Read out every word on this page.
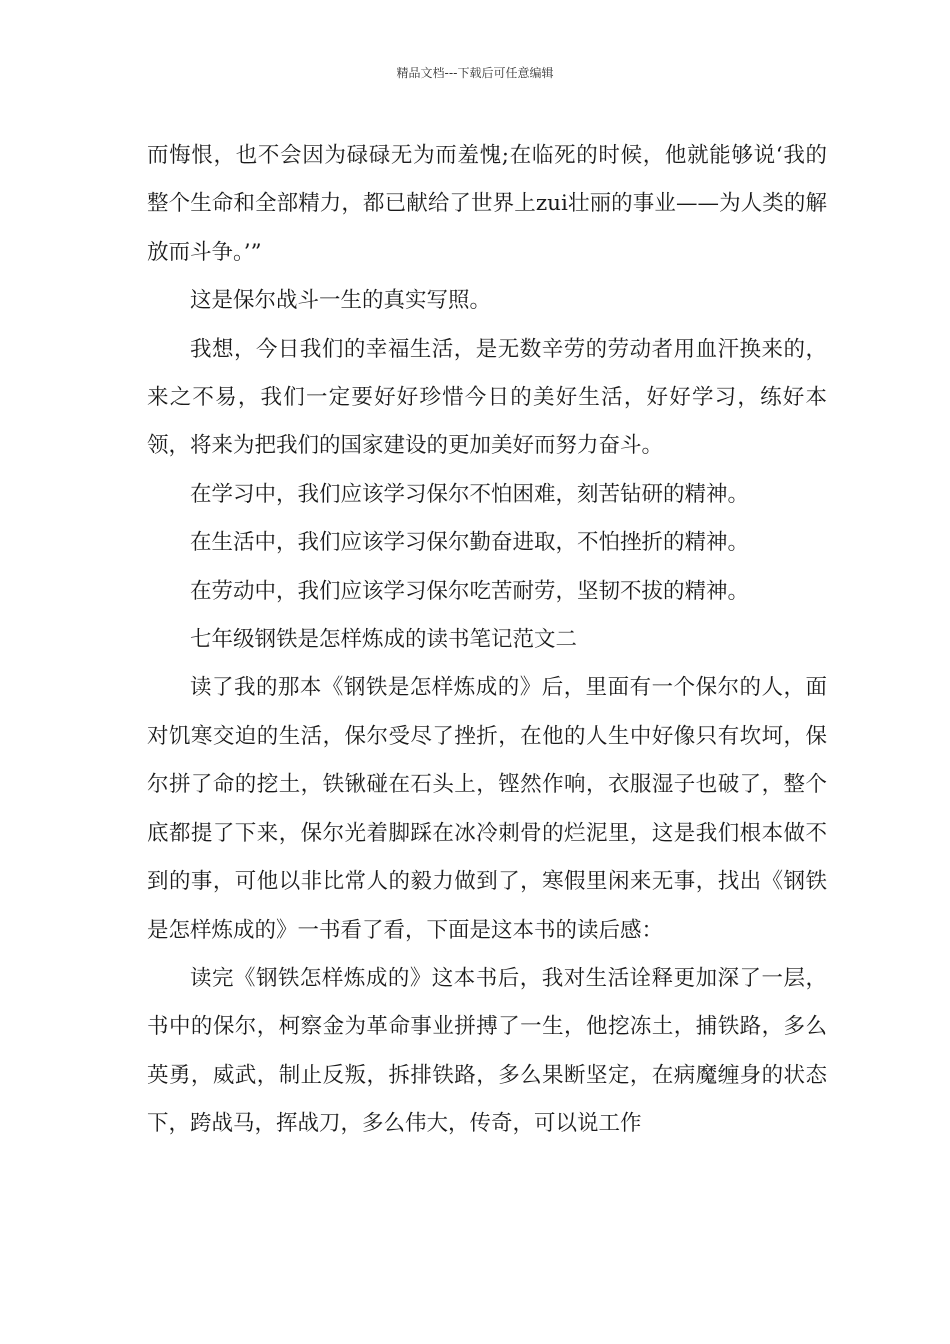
精品文档---下载后可任意编辑

而悔恨，也不会因为碌碌无为而羞愧;在临死的时候，他就能够说‘我的整个生命和全部精力，都已献给了世界上zui壮丽的事业——为人类的解放而斗争。’”

这是保尔战斗一生的真实写照。

我想，今日我们的幸福生活，是无数辛劳的劳动者用血汗换来的，来之不易，我们一定要好好珍惜今日的美好生活，好好学习，练好本领，将来为把我们的国家建设的更加美好而努力奋斗。

在学习中，我们应该学习保尔不怕困难，刻苦钻研的精神。

在生活中，我们应该学习保尔勤奋进取，不怕挫折的精神。

在劳动中，我们应该学习保尔吃苦耐劳，坚韧不拔的精神。

七年级钢铁是怎样炼成的读书笔记范文二

读了我的那本《钢铁是怎样炼成的》后，里面有一个保尔的人，面对饥寒交迫的生活，保尔受尽了挫折，在他的人生中好像只有坎坷，保尔拼了命的挖土，铁锹碰在石头上，铿然作响，衣服湿子也破了，整个底都提了下来，保尔光着脚踩在冰冷刺骨的烂泥里，这是我们根本做不到的事，可他以非比常人的毅力做到了，寒假里闲来无事，找出《钢铁是怎样炼成的》一书看了看，下面是这本书的读后感：

读完《钢铁怎样炼成的》这本书后，我对生活诠释更加深了一层，书中的保尔，柯察金为革命事业拼搏了一生，他挖冻土，捕铁路，多么英勇，威武，制止反叛，拆排铁路，多么果断坚定，在病魔缠身的状态下，跨战马，挥战刀，多么伟大，传奇，可以说工作
